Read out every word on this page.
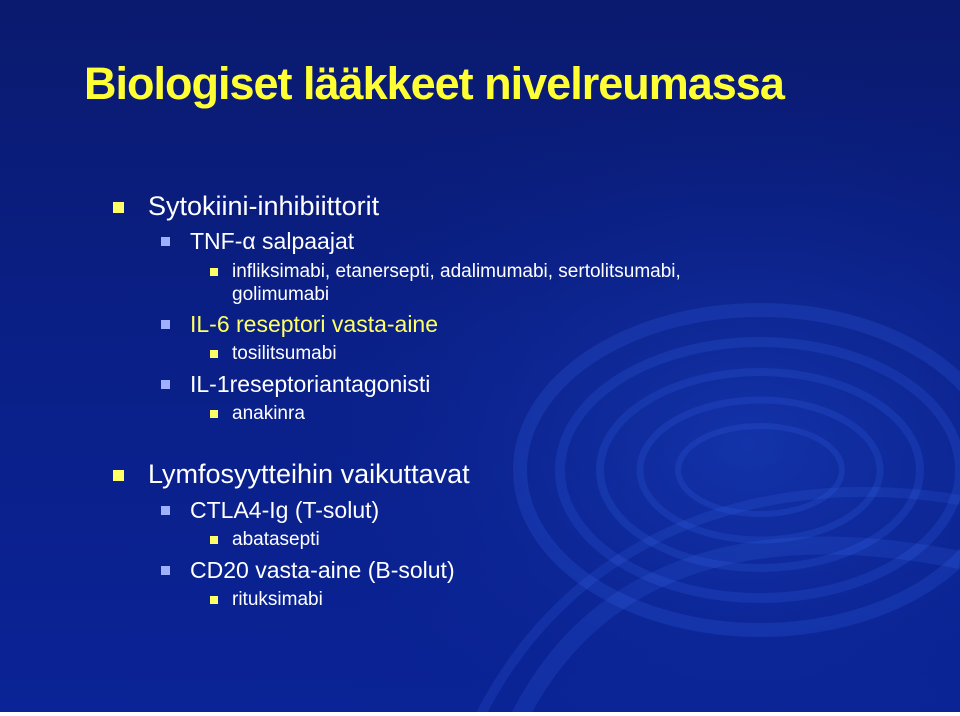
Biologiset lääkkeet nivelreumassa
Sytokiini-inhibiittorit
TNF-α salpaajat
infliksimabi, etanersepti, adalimumabi, sertolitsumabi,
golimumabi
IL-6 reseptori vasta-aine
tosilitsumabi
IL-1reseptoriantagonisti
anakinra
Lymfosyytteihin vaikuttavat
CTLA4-Ig (T-solut)
abatasepti
CD20 vasta-aine (B-solut)
rituksimabi
